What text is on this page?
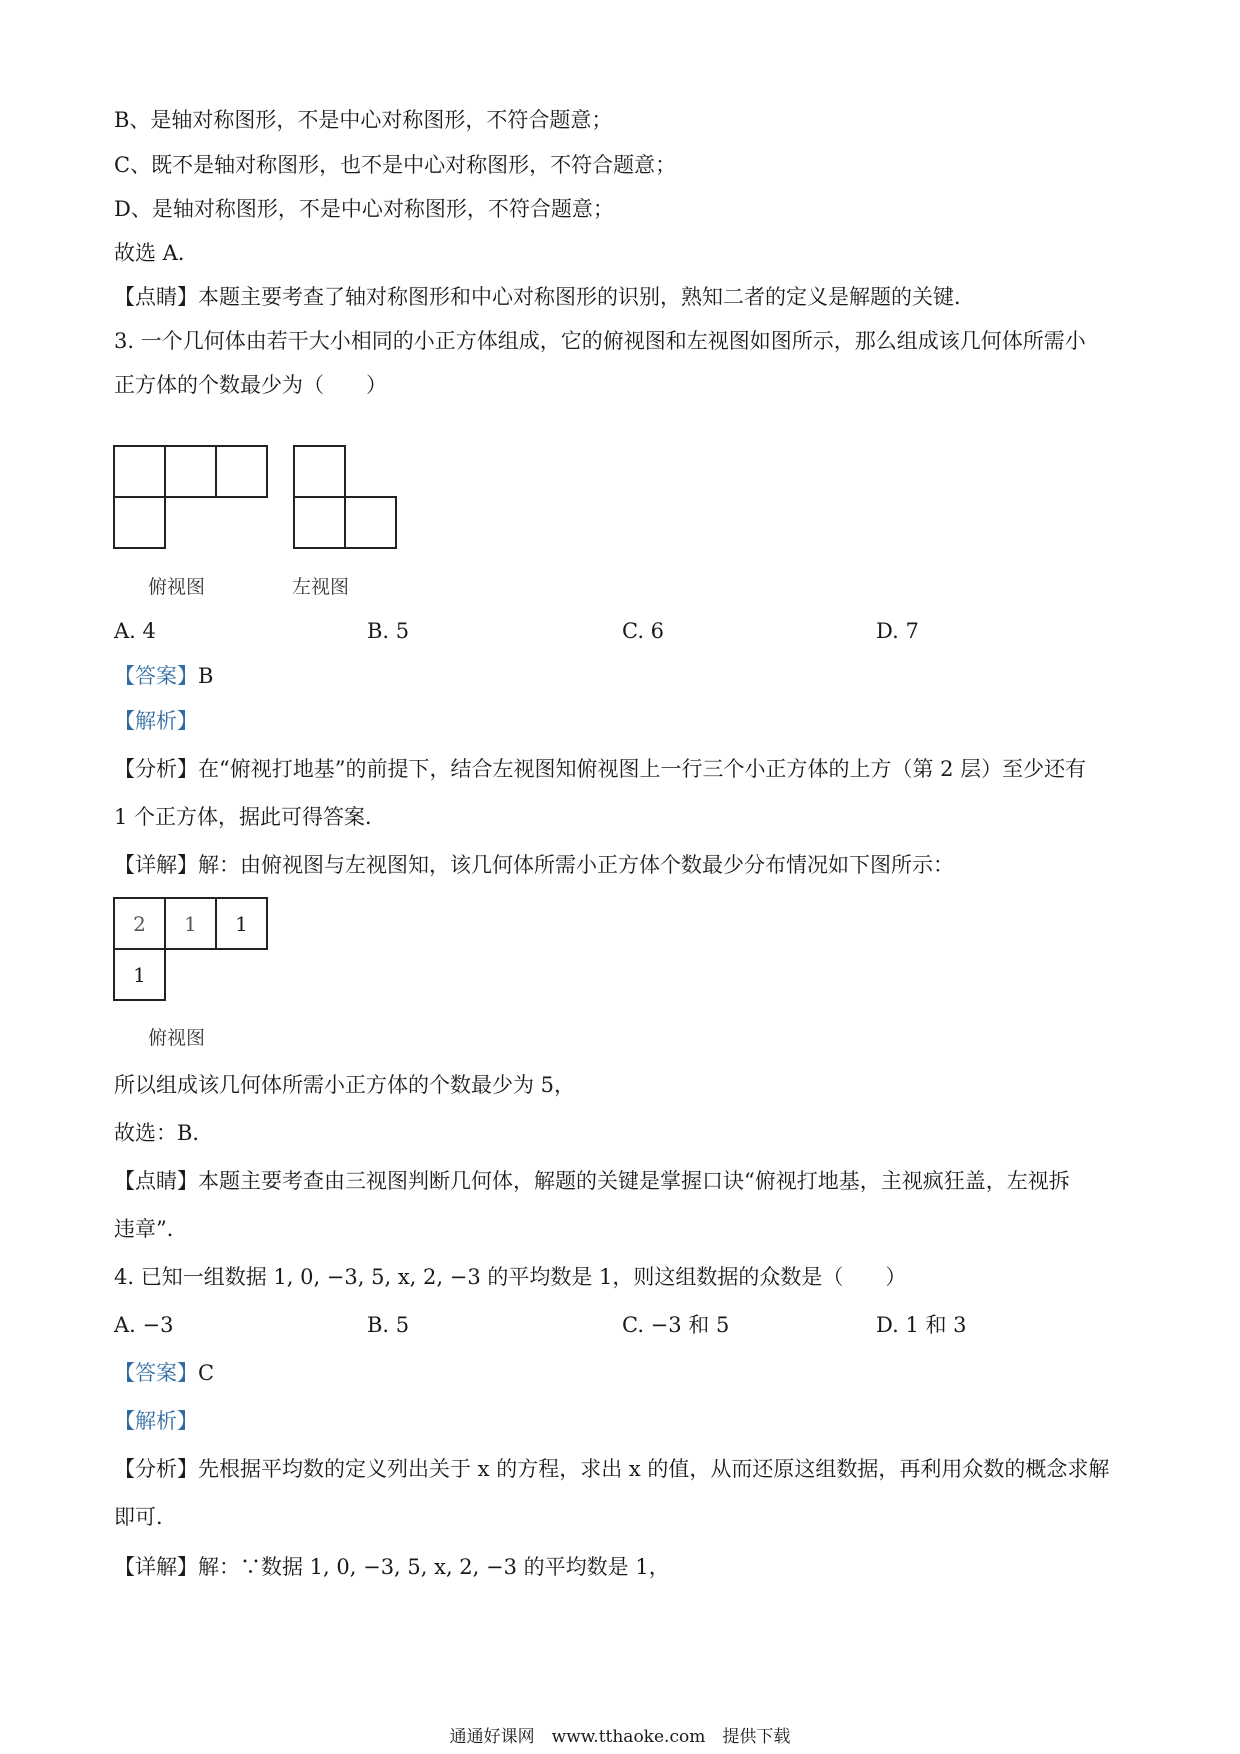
B、是轴对称图形，不是中心对称图形，不符合题意；
C、既不是轴对称图形，也不是中心对称图形，不符合题意；
D、是轴对称图形，不是中心对称图形，不符合题意；
故选 A．
【点睛】本题主要考查了轴对称图形和中心对称图形的识别，熟知二者的定义是解题的关键．
3. 一个几何体由若干大小相同的小正方体组成，它的俯视图和左视图如图所示，那么组成该几何体所需小
正方体的个数最少为（　　）
俯视图	左视图
A. 4	B. 5	C. 6	D. 7
【答案】B
【解析】
【分析】在“俯视打地基”的前提下，结合左视图知俯视图上一行三个小正方体的上方（第 2 层）至少还有
1 个正方体，据此可得答案．
【详解】解：由俯视图与左视图知，该几何体所需小正方体个数最少分布情况如下图所示：
2	1	1
1
俯视图
所以组成该几何体所需小正方体的个数最少为 5，
故选：B．
【点睛】本题主要考查由三视图判断几何体，解题的关键是掌握口诀“俯视打地基，主视疯狂盖，左视拆
违章”．
4. 已知一组数据 1, 0, −3, 5, x, 2, −3 的平均数是 1，则这组数据的众数是（　　）
A. −3	B. 5	C. −3 和 5	D. 1 和 3
【答案】C
【解析】
【分析】先根据平均数的定义列出关于 x 的方程，求出 x 的值，从而还原这组数据，再利用众数的概念求解
即可．
【详解】解：∵数据 1, 0, −3, 5, x, 2, −3 的平均数是 1，
通通好课网　www.tthaoke.com　提供下载
